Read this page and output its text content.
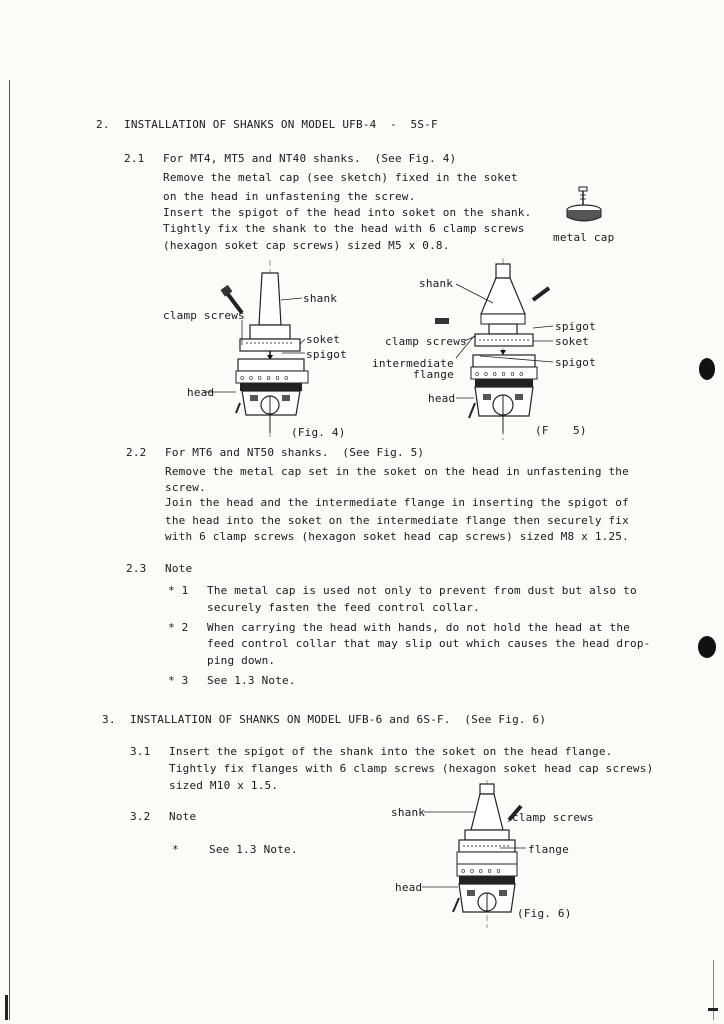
2. INSTALLATION OF SHANKS ON MODEL UFB-4  -  5S-F
2.1 For MT4, MT5 and NT40 shanks.  (See Fig. 4)
Remove the metal cap (see sketch) fixed in the soket
on the head in unfastening the screw.
Insert the spigot of the head into soket on the shank.
Tightly fix the shank to the head with 6 clamp screws
(hexagon soket cap screws) sized M5 x 0.8.
metal cap
o o o o o o
shank
clamp screws
soket
spigot
head
(Fig. 4)
o o o o o o
shank
spigot
clamp screws	soket
intermediate	spigot
flange
head
(F 5)
2.2 For MT6 and NT50 shanks.  (See Fig. 5)
Remove the metal cap set in the soket on the head in unfastening the
screw.
Join the head and the intermediate flange in inserting the spigot of
the head into the soket on the intermediate flange then securely fix
with 6 clamp screws (hexagon soket head cap screws) sized M8 x 1.25.
2.3 Note
* 1 The metal cap is used not only to prevent from dust but also to
securely fasten the feed control collar.
* 2 When carrying the head with hands, do not hold the head at the
feed control collar that may slip out which causes the head drop-
ping down.
* 3 See 1.3 Note.
3. INSTALLATION OF SHANKS ON MODEL UFB-6 and 6S-F.  (See Fig. 6)
3.1 Insert the spigot of the shank into the soket on the head flange.
Tightly fix flanges with 6 clamp screws (hexagon soket head cap screws)
sized M10 x 1.5.
3.2 Note
*	See 1.3 Note.
o o o o o
shank	clamp screws
flange
head
(Fig. 6)
